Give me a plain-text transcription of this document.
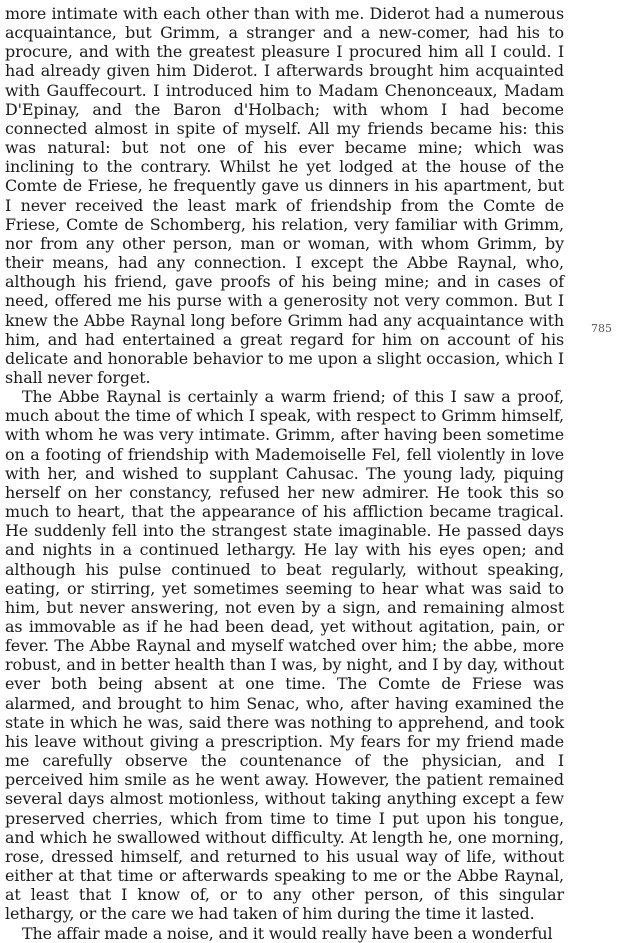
more intimate with each other than with me. Diderot had a numerous acquaintance, but Grimm, a stranger and a new-comer, had his to procure, and with the greatest pleasure I procured him all I could. I had already given him Diderot. I afterwards brought him acquainted with Gauffecourt. I introduced him to Madam Chenonceaux, Madam D'Epinay, and the Baron d'Holbach; with whom I had become connected almost in spite of myself. All my friends became his: this was natural: but not one of his ever became mine; which was inclining to the contrary. Whilst he yet lodged at the house of the Comte de Friese, he frequently gave us dinners in his apartment, but I never received the least mark of friendship from the Comte de Friese, Comte de Schomberg, his relation, very familiar with Grimm, nor from any other person, man or woman, with whom Grimm, by their means, had any connection. I except the Abbe Raynal, who, although his friend, gave proofs of his being mine; and in cases of need, offered me his purse with a generosity not very common. But I knew the Abbe Raynal long before Grimm had any acquaintance with him, and had entertained a great regard for him on account of his delicate and honorable behavior to me upon a slight occasion, which I shall never forget.

The Abbe Raynal is certainly a warm friend; of this I saw a proof, much about the time of which I speak, with respect to Grimm himself, with whom he was very intimate. Grimm, after having been sometime on a footing of friendship with Mademoiselle Fel, fell violently in love with her, and wished to supplant Cahusac. The young lady, piquing herself on her constancy, refused her new admirer. He took this so much to heart, that the appearance of his affliction became tragical. He suddenly fell into the strangest state imaginable. He passed days and nights in a continued lethargy. He lay with his eyes open; and although his pulse continued to beat regularly, without speaking, eating, or stirring, yet sometimes seeming to hear what was said to him, but never answering, not even by a sign, and remaining almost as immovable as if he had been dead, yet without agitation, pain, or fever. The Abbe Raynal and myself watched over him; the abbe, more robust, and in better health than I was, by night, and I by day, without ever both being absent at one time. The Comte de Friese was alarmed, and brought to him Senac, who, after having examined the state in which he was, said there was nothing to apprehend, and took his leave without giving a prescription. My fears for my friend made me carefully observe the countenance of the physician, and I perceived him smile as he went away. However, the patient remained several days almost motionless, without taking anything except a few preserved cherries, which from time to time I put upon his tongue, and which he swallowed without difficulty. At length he, one morning, rose, dressed himself, and returned to his usual way of life, without either at that time or afterwards speaking to me or the Abbe Raynal, at least that I know of, or to any other person, of this singular lethargy, or the care we had taken of him during the time it lasted.

The affair made a noise, and it would really have been a wonderful

785
